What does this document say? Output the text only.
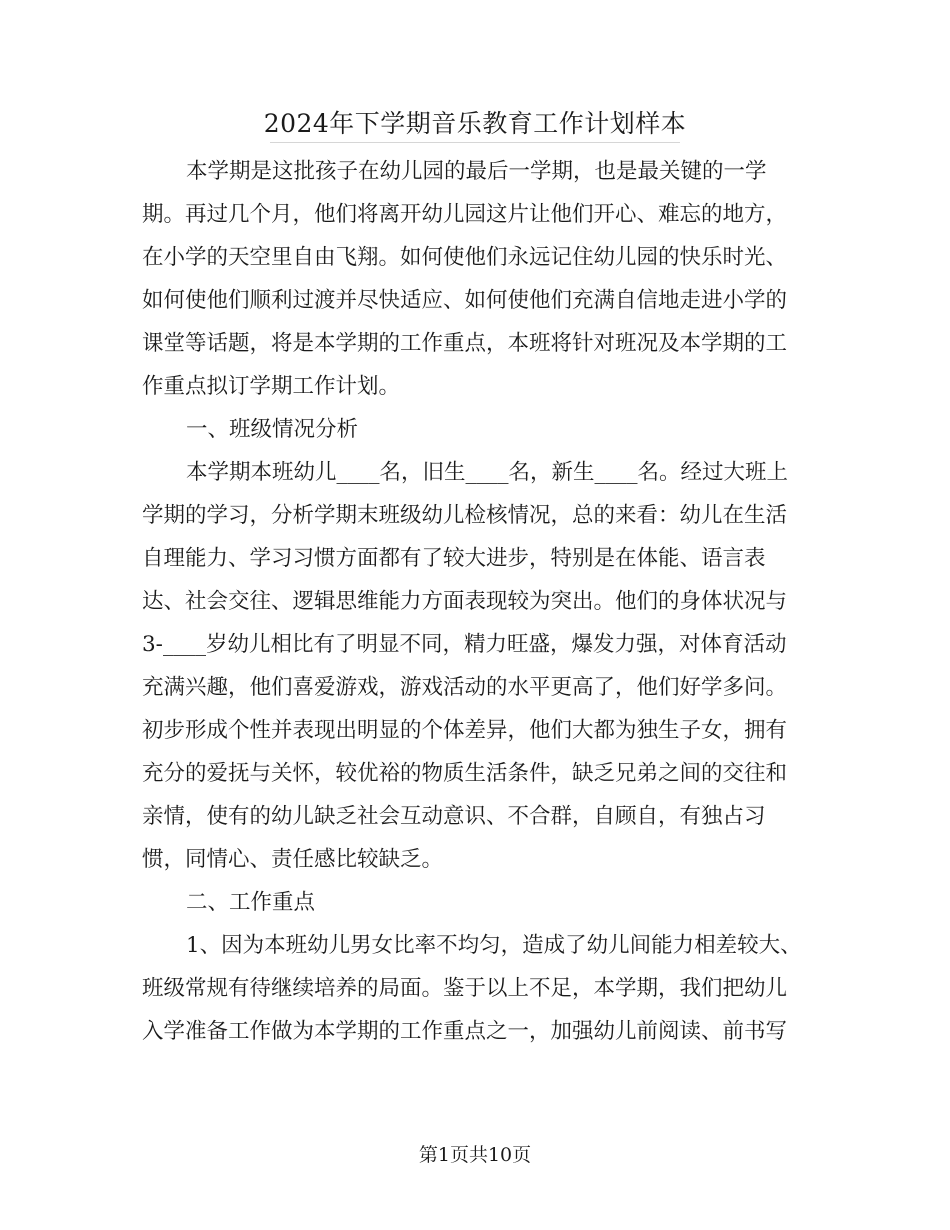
2024年下学期音乐教育工作计划样本
本学期是这批孩子在幼儿园的最后一学期，也是最关键的一学
期。再过几个月，他们将离开幼儿园这片让他们开心、难忘的地方，
在小学的天空里自由飞翔。如何使他们永远记住幼儿园的快乐时光、
如何使他们顺利过渡并尽快适应、如何使他们充满自信地走进小学的
课堂等话题，将是本学期的工作重点，本班将针对班况及本学期的工
作重点拟订学期工作计划。
一、班级情况分析
本学期本班幼儿____名，旧生____名，新生____名。经过大班上
学期的学习，分析学期末班级幼儿检核情况，总的来看：幼儿在生活
自理能力、学习习惯方面都有了较大进步，特别是在体能、语言表
达、社会交往、逻辑思维能力方面表现较为突出。他们的身体状况与
3-____岁幼儿相比有了明显不同，精力旺盛，爆发力强，对体育活动
充满兴趣，他们喜爱游戏，游戏活动的水平更高了，他们好学多问。
初步形成个性并表现出明显的个体差异，他们大都为独生子女，拥有
充分的爱抚与关怀，较优裕的物质生活条件，缺乏兄弟之间的交往和
亲情，使有的幼儿缺乏社会互动意识、不合群，自顾自，有独占习
惯，同情心、责任感比较缺乏。
二、工作重点
1、因为本班幼儿男女比率不均匀，造成了幼儿间能力相差较大、
班级常规有待继续培养的局面。鉴于以上不足，本学期，我们把幼儿
入学准备工作做为本学期的工作重点之一，加强幼儿前阅读、前书写
第1页共10页
